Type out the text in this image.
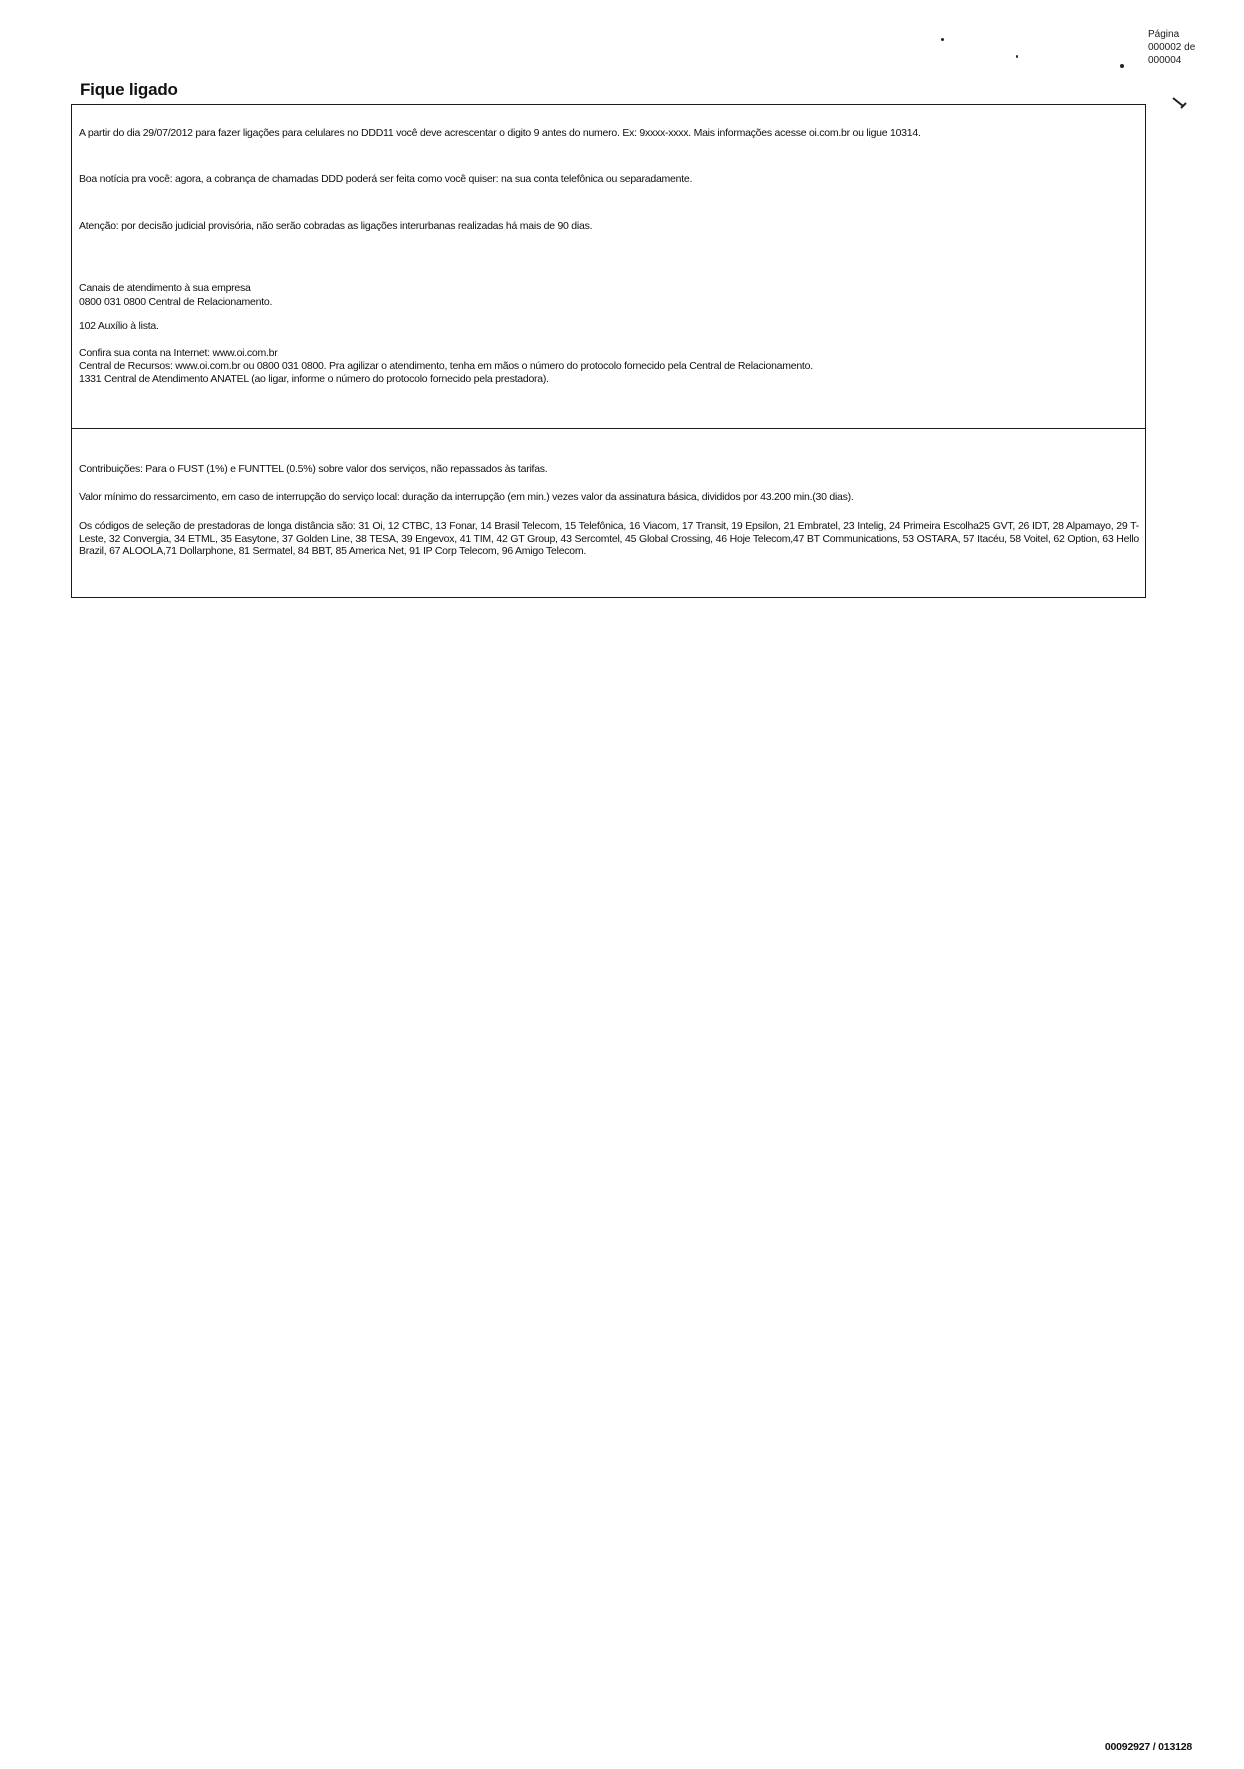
Página
000002 de
000004
Fique ligado

A partir do dia 29/07/2012 para fazer ligações para celulares no DDD11 você deve acrescentar o digito 9 antes do numero. Ex: 9xxxx-xxxx. Mais informações acesse oi.com.br ou ligue 10314.

Boa notícia pra você: agora, a cobrança de chamadas DDD poderá ser feita como você quiser: na sua conta telefônica ou separadamente.

Atenção: por decisão judicial provisória, não serão cobradas as ligações interurbanas realizadas há mais de 90 dias.

Canais de atendimento à sua empresa

0800 031 0800 Central de Relacionamento.

102 Auxílio à lista.

Confira sua conta na Internet: www.oi.com.br

Central de Recursos: www.oi.com.br ou 0800 031 0800. Pra agilizar o atendimento, tenha em mãos o número do protocolo fornecido pela Central de Relacionamento.

1331 Central de Atendimento ANATEL (ao ligar, informe o número do protocolo fornecido pela prestadora).

Contribuições: Para o FUST (1%) e FUNTTEL (0.5%) sobre valor dos serviços, não repassados às tarifas.

Valor mínimo do ressarcimento, em caso de interrupção do serviço local: duração da interrupção (em min.) vezes valor da assinatura básica, divididos por 43.200 min.(30 dias).

Os códigos de seleção de prestadoras de longa distância são: 31 Oi, 12 CTBC, 13 Fonar, 14 Brasil Telecom, 15 Telefônica, 16 Viacom, 17 Transit, 19 Epsilon, 21 Embratel, 23 Intelig, 24 Primeira Escolha25 GVT, 26 IDT, 28 Alpamayo, 29 T-Leste, 32 Convergia, 34 ETML, 35 Easytone, 37 Golden Line, 38 TESA, 39 Engevox, 41 TIM, 42 GT Group, 43 Sercomtel, 45 Global Crossing, 46 Hoje Telecom,47 BT Communications, 53 OSTARA, 57 Itacéu, 58 Voitel, 62 Option, 63 Hello Brazil, 67 ALOOLA,71 Dollarphone, 81 Sermatel, 84 BBT, 85 America Net, 91 IP Corp Telecom, 96 Amigo Telecom.

00092927 / 013128
